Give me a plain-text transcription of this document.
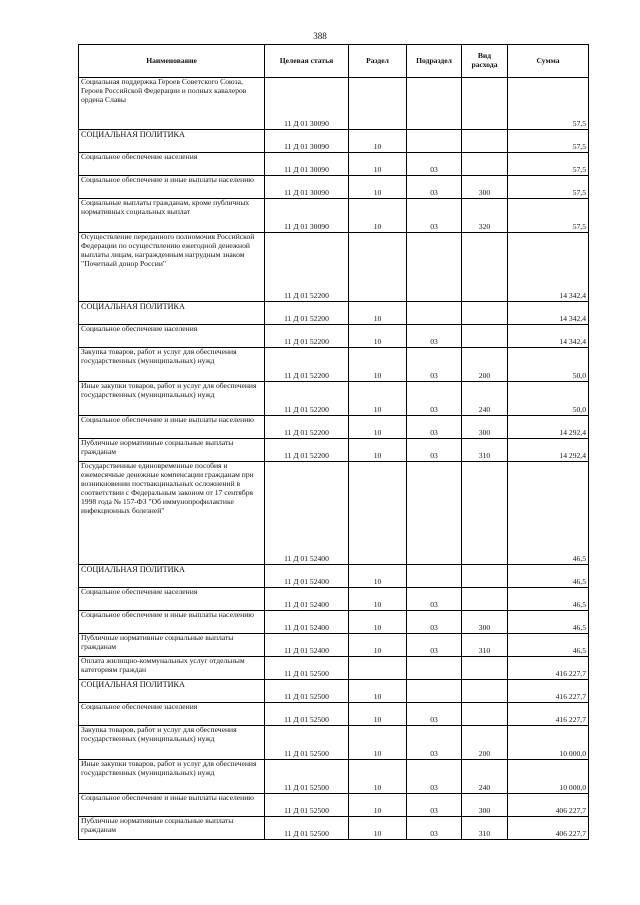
388
Наименование	Целевая статья	Раздел	Подраздел	Вид расхода	Сумма
Социальная поддержка Героев Советского Союза, Героев Российской Федерации и полных кавалеров ордена Славы	11 Д 01 30090				57,5
СОЦИАЛЬНАЯ ПОЛИТИКА	11 Д 01 30090	10			57,5
Социальное обеспечение населения	11 Д 01 30090	10	03		57,5
Социальное обеспечение и иные выплаты населению	11 Д 01 30090	10	03	300	57,5
Социальные выплаты гражданам, кроме публичных нормативных социальных выплат	11 Д 01 30090	10	03	320	57,5
Осуществление переданного полномочия Российской Федерации по осуществлению ежегодной денежной выплаты лицам, награжденным нагрудным знаком "Почетный донор России"	11 Д 01 52200				14 342,4
СОЦИАЛЬНАЯ ПОЛИТИКА	11 Д 01 52200	10			14 342,4
Социальное обеспечение населения	11 Д 01 52200	10	03		14 342,4
Закупка товаров, работ и услуг для обеспечения государственных (муниципальных) нужд	11 Д 01 52200	10	03	200	50,0
Иные закупки товаров, работ и услуг для обеспечения государственных (муниципальных) нужд	11 Д 01 52200	10	03	240	50,0
Социальное обеспечение и иные выплаты населению	11 Д 01 52200	10	03	300	14 292,4
Публичные нормативные социальные выплаты гражданам	11 Д 01 52200	10	03	310	14 292,4
Государственные единовременные пособия и ежемесячные денежные компенсации гражданам при возникновении поствакцинальных осложнений в соответствии с Федеральным законом от 17 сентября 1998 года № 157-ФЗ "Об иммунопрофилактике инфекционных болезней"	11 Д 01 52400				46,5
СОЦИАЛЬНАЯ ПОЛИТИКА	11 Д 01 52400	10			46,5
Социальное обеспечение населения	11 Д 01 52400	10	03		46,5
Социальное обеспечение и иные выплаты населению	11 Д 01 52400	10	03	300	46,5
Публичные нормативные социальные выплаты гражданам	11 Д 01 52400	10	03	310	46,5
Оплата жилищно-коммунальных услуг отдельным категориям граждан	11 Д 01 52500				416 227,7
СОЦИАЛЬНАЯ ПОЛИТИКА	11 Д 01 52500	10			416 227,7
Социальное обеспечение населения	11 Д 01 52500	10	03		416 227,7
Закупка товаров, работ и услуг для обеспечения государственных (муниципальных) нужд	11 Д 01 52500	10	03	200	10 000,0
Иные закупки товаров, работ и услуг для обеспечения государственных (муниципальных) нужд	11 Д 01 52500	10	03	240	10 000,0
Социальное обеспечение и иные выплаты населению	11 Д 01 52500	10	03	300	406 227,7
Публичные нормативные социальные выплаты гражданам	11 Д 01 52500	10	03	310	406 227,7
